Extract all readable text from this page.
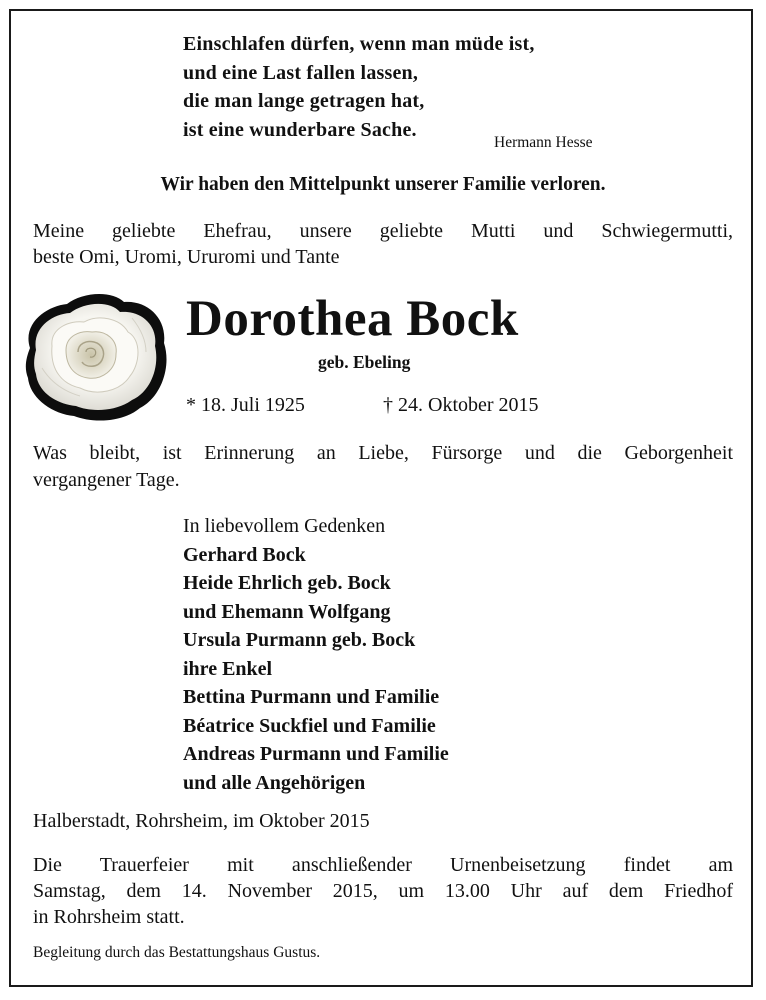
Einschlafen dürfen, wenn man müde ist,
und eine Last fallen lassen,
die man lange getragen hat,
ist eine wunderbare Sache.
Hermann Hesse
Wir haben den Mittelpunkt unserer Familie verloren.
Meine geliebte Ehefrau, unsere geliebte Mutti und Schwiegermutti,
beste Omi, Uromi, Ururomi und Tante
Dorothea Bock
geb. Ebeling
* 18. Juli 1925	† 24. Oktober 2015
Was bleibt, ist Erinnerung an Liebe, Fürsorge und die Geborgenheit
vergangener Tage.
In liebevollem Gedenken
Gerhard Bock
Heide Ehrlich geb. Bock
und Ehemann Wolfgang
Ursula Purmann geb. Bock
ihre Enkel
Bettina Purmann und Familie
Béatrice Suckfiel und Familie
Andreas Purmann und Familie
und alle Angehörigen
Halberstadt, Rohrsheim, im Oktober 2015
Die Trauerfeier mit anschließender Urnenbeisetzung findet am
Samstag, dem 14. November 2015, um 13.00 Uhr auf dem Friedhof
in Rohrsheim statt.
Begleitung durch das Bestattungshaus Gustus.
